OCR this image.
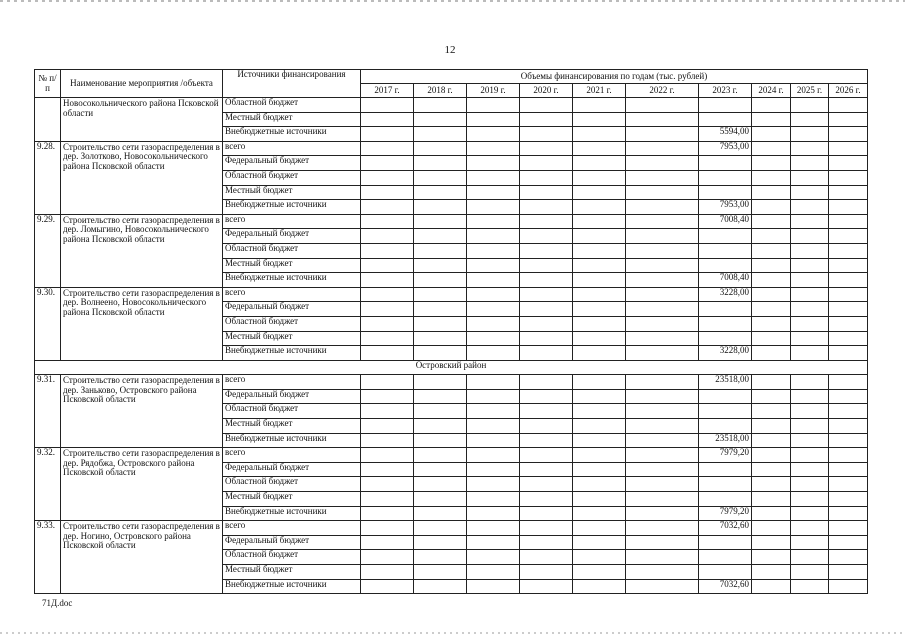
12
№ п/п	Наименование мероприятия /объекта	Источники финансирования	Объемы финансирования по годам (тыс. рублей)									
			2017 г.	2018 г.	2019 г.	2020 г.	2021 г.	2022 г.	2023 г.	2024 г.	2025 г.	2026 г.
	Новосокольнического района Псковской области	Областной бюджет										
		Местный бюджет										
		Внебюджетные источники							5594,00			
9.28.	Строительство сети газораспределения в дер. Золотково, Новосокольнического района Псковской области	всего							7953,00			
		Федеральный бюджет										
		Областной бюджет										
		Местный бюджет										
		Внебюджетные источники							7953,00			
9.29.	Строительство сети газораспределения в дер. Ломыгино, Новосокольнического района Псковской области	всего							7008,40			
		Федеральный бюджет										
		Областной бюджет										
		Местный бюджет										
		Внебюджетные источники							7008,40			
9.30.	Строительство сети газораспределения в дер. Волнеено, Новосокольнического района Псковской области	всего							3228,00			
		Федеральный бюджет										
		Областной бюджет										
		Местный бюджет										
		Внебюджетные источники							3228,00			
Островский район												
9.31.	Строительство сети газораспределения в дер. Заньково, Островского района Псковской области	всего							23518,00			
		Федеральный бюджет										
		Областной бюджет										
		Местный бюджет										
		Внебюджетные источники							23518,00			
9.32.	Строительство сети газораспределения в дер. Рядобжа, Островского района Псковской области	всего							7979,20			
		Федеральный бюджет										
		Областной бюджет										
		Местный бюджет										
		Внебюджетные источники							7979,20			
9.33.	Строительство сети газораспределения в дер. Ногино, Островского района Псковской области	всего							7032,60			
		Федеральный бюджет										
		Областной бюджет										
		Местный бюджет										
		Внебюджетные источники							7032,60			
71Д.doc
